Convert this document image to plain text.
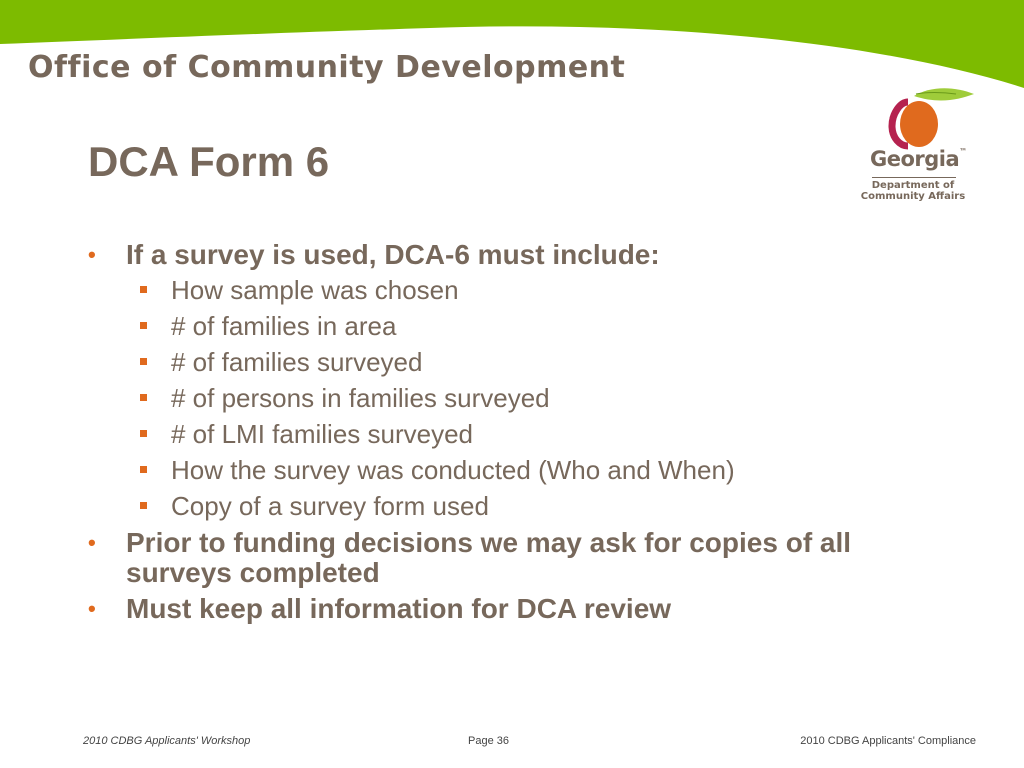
Office of Community Development
DCA Form 6	Georgia™
Department of
Community Affairs
• If a survey is used, DCA-6 must include:
How sample was chosen
# of families in area
# of families surveyed
# of persons in families surveyed
# of LMI families surveyed
How the survey was conducted (Who and When)
Copy of a survey form used
• Prior to funding decisions we may ask for copies of all surveys completed
• Must keep all information for DCA review
2010 CDBG Applicants' Workshop	Page 36	2010 CDBG Applicants' Compliance
